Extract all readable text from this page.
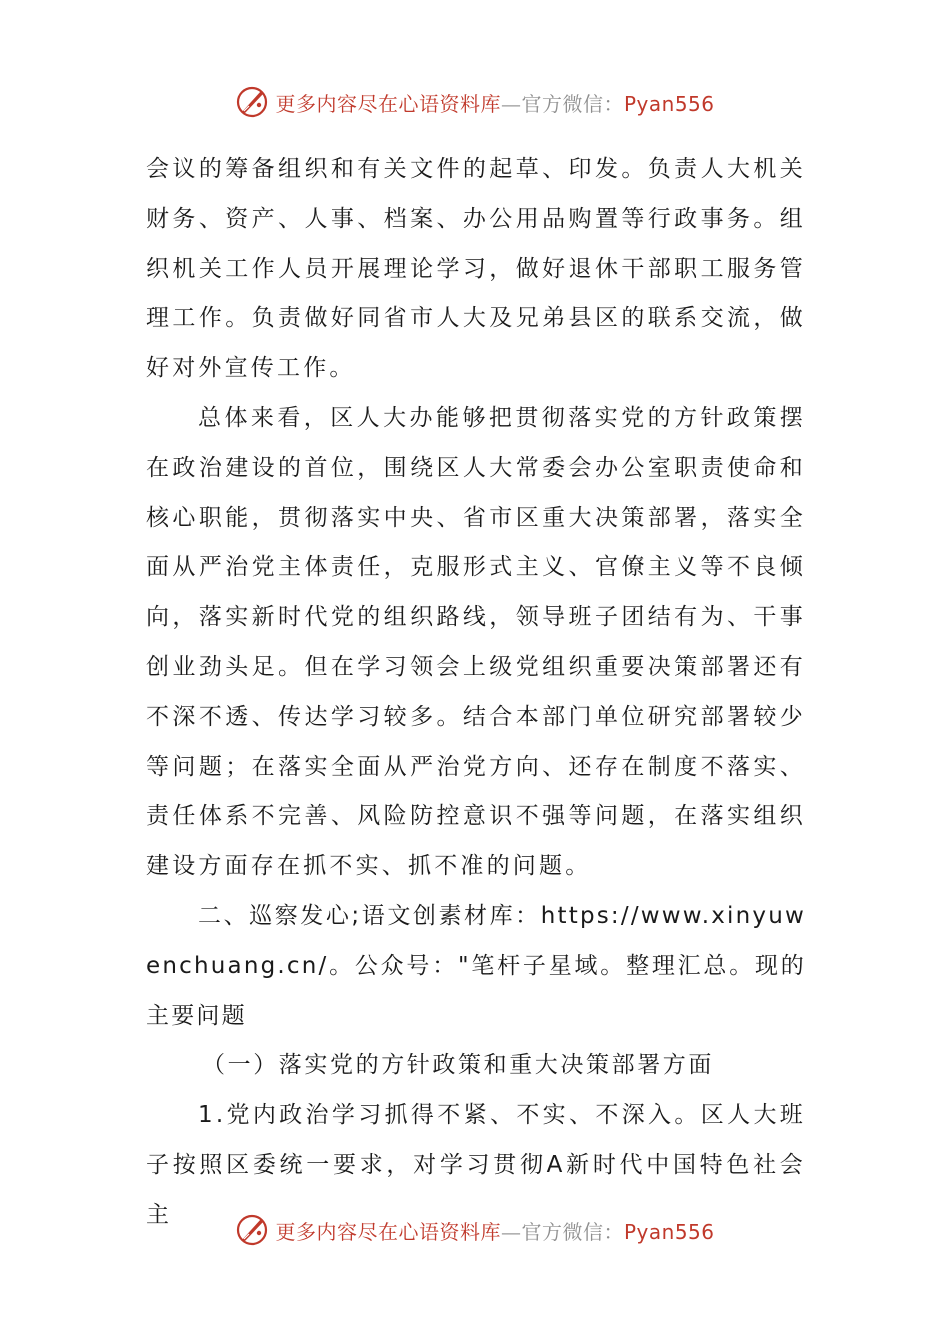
更多内容尽在心语资料库—官方微信：Pyan556

会议的筹备组织和有关文件的起草、印发。负责人大机关财务、资产、人事、档案、办公用品购置等行政事务。组织机关工作人员开展理论学习，做好退休干部职工服务管理工作。负责做好同省市人大及兄弟县区的联系交流，做好对外宣传工作。

总体来看，区人大办能够把贯彻落实党的方针政策摆在政治建设的首位，围绕区人大常委会办公室职责使命和核心职能，贯彻落实中央、省市区重大决策部署，落实全面从严治党主体责任，克服形式主义、官僚主义等不良倾向，落实新时代党的组织路线，领导班子团结有为、干事创业劲头足。但在学习领会上级党组织重要决策部署还有不深不透、传达学习较多。结合本部门单位研究部署较少等问题；在落实全面从严治党方向、还存在制度不落实、责任体系不完善、风险防控意识不强等问题，在落实组织建设方面存在抓不实、抓不准的问题。

二、巡察发心;语文创素材库：https://www.xinyuwenchuang.cn/。公众号："笔杆子星域。整理汇总。现的主要问题

（一）落实党的方针政策和重大决策部署方面

1.党内政治学习抓得不紧、不实、不深入。区人大班子按照区委统一要求，对学习贯彻A新时代中国特色社会主

更多内容尽在心语资料库—官方微信：Pyan556
